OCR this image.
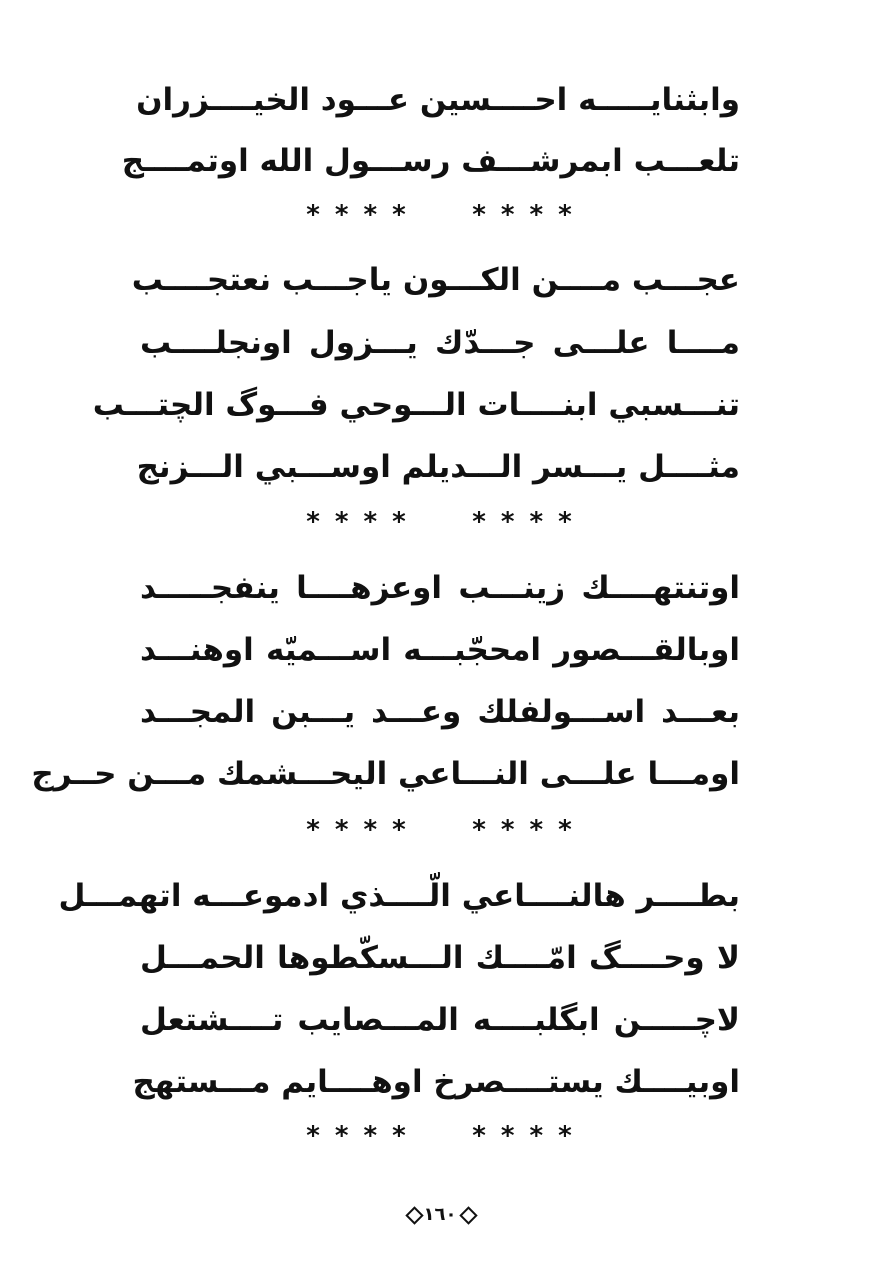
وابثنايـــــه احــــسين عـــود الخيــــزران
تلعـــب ابمرشـــف رســـول الله اوتمــــج
* * * * * * * *
عجـــب مــــن الكـــون ياجـــب نعتجــــب
مــــا علـــى جـــدّك يـــزول اونجلــــب
تنـــسبي ابنــــات الـــوحي فـــوگ الچتـــب
مثــــل يـــسر الـــديلم اوســـبي الـــزنج
* * * * * * * *
اوتنتهــــك زينـــب اوعزهــــا ينفجـــــد
اوبالقـــصور امحجّبـــه اســـميّه اوهنـــد
بعـــد اســـولفلك وعـــد يـــبن المجـــد
اومـــا علـــى النـــاعي اليحـــشمك مـــن حــرج
* * * * * * * *
بطــــر هالنــــاعي الّــــذي ادموعـــه اتهمـــل
لا وحــــگ امّــــك الـــسكّطوها الحمـــل
لاچـــــن ابگلبــــه المـــصايب تــــشتعل
اوبيــــك يستــــصرخ اوهــــايم مـــستهج
* * * * * * * *
١٦٠
